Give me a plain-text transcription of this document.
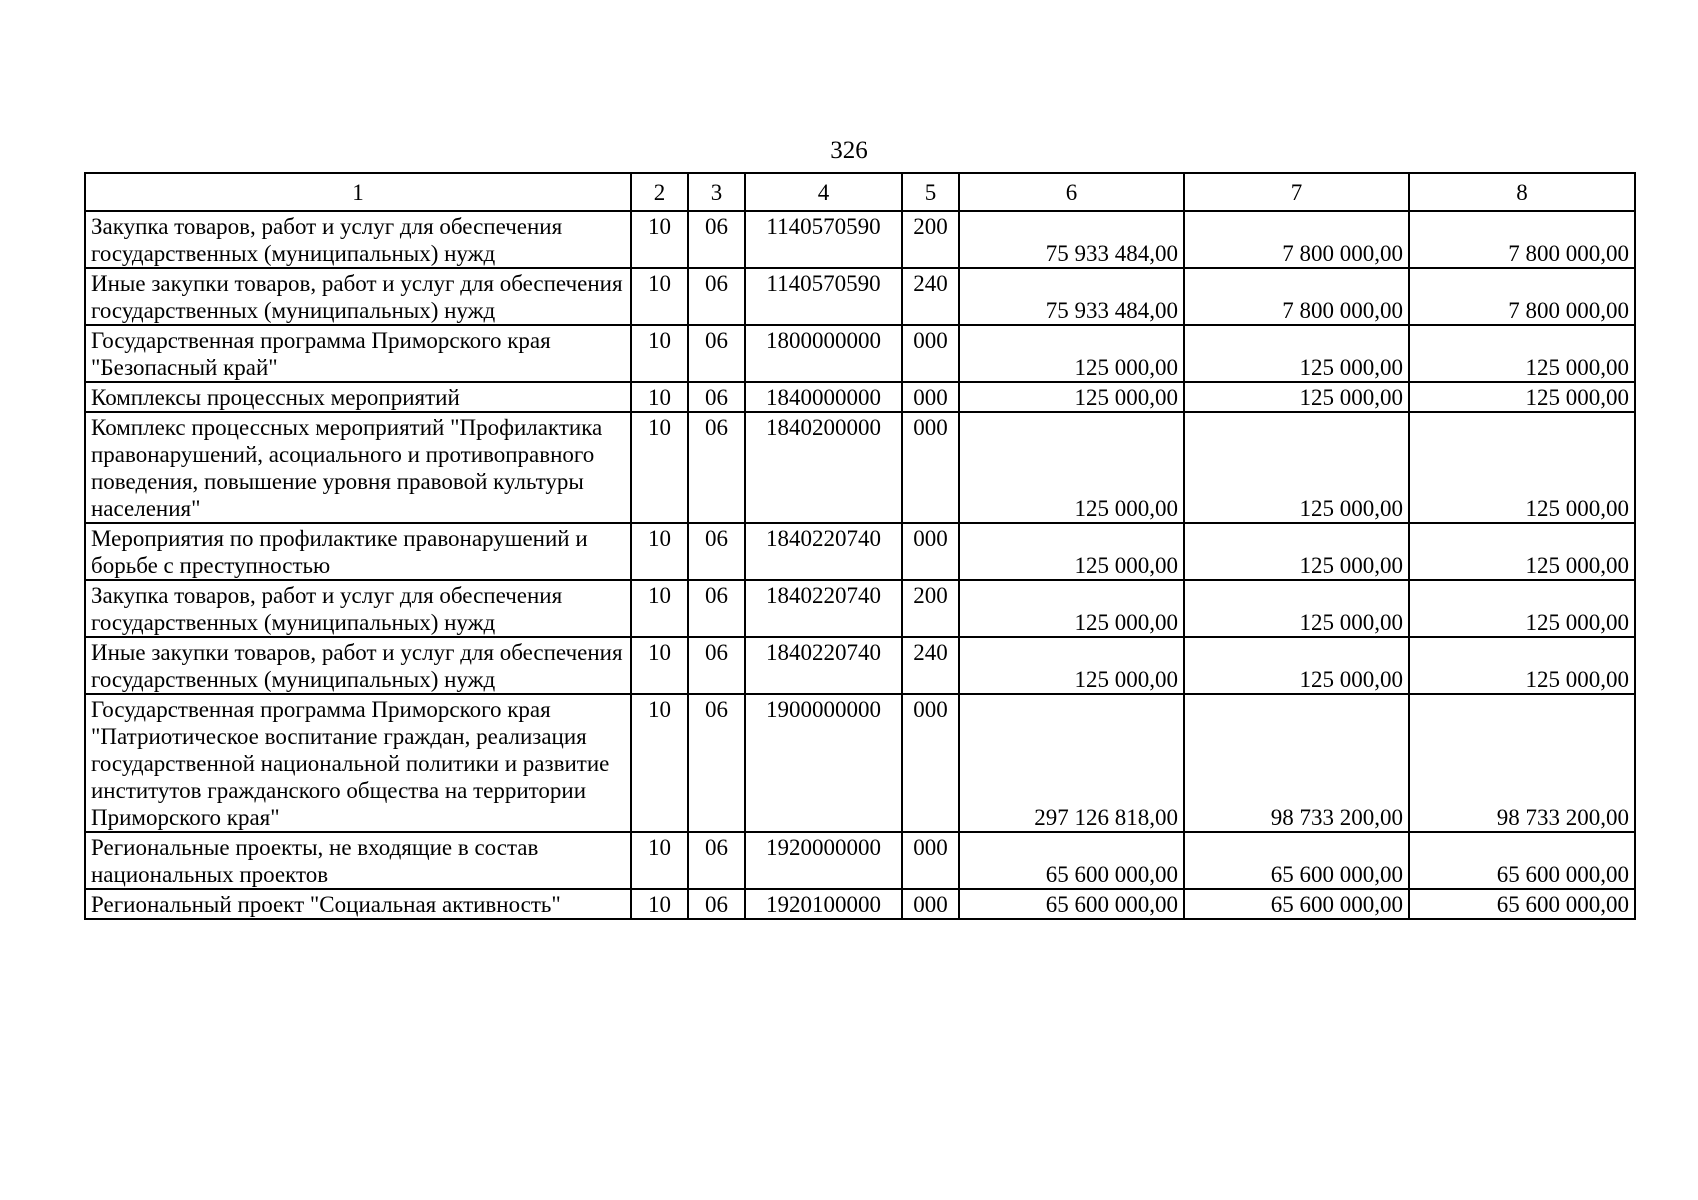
326
1	2	3	4	5	6	7	8
Закупка товаров, работ и услуг для обеспечения государственных (муниципальных) нужд	10	06	1140570590	200	75 933 484,00	7 800 000,00	7 800 000,00
Иные закупки товаров, работ и услуг для обеспечения государственных (муниципальных) нужд	10	06	1140570590	240	75 933 484,00	7 800 000,00	7 800 000,00
Государственная программа Приморского края "Безопасный край"	10	06	1800000000	000	125 000,00	125 000,00	125 000,00
Комплексы процессных мероприятий	10	06	1840000000	000	125 000,00	125 000,00	125 000,00
Комплекс процессных мероприятий "Профилактика правонарушений, асоциального и противоправного поведения, повышение уровня правовой культуры населения"	10	06	1840200000	000	125 000,00	125 000,00	125 000,00
Мероприятия по профилактике правонарушений и борьбе с преступностью	10	06	1840220740	000	125 000,00	125 000,00	125 000,00
Закупка товаров, работ и услуг для обеспечения государственных (муниципальных) нужд	10	06	1840220740	200	125 000,00	125 000,00	125 000,00
Иные закупки товаров, работ и услуг для обеспечения государственных (муниципальных) нужд	10	06	1840220740	240	125 000,00	125 000,00	125 000,00
Государственная программа Приморского края "Патриотическое воспитание граждан, реализация государственной национальной политики и развитие институтов гражданского общества на территории Приморского края"	10	06	1900000000	000	297 126 818,00	98 733 200,00	98 733 200,00
Региональные проекты, не входящие в состав национальных проектов	10	06	1920000000	000	65 600 000,00	65 600 000,00	65 600 000,00
Региональный проект "Социальная активность"	10	06	1920100000	000	65 600 000,00	65 600 000,00	65 600 000,00
